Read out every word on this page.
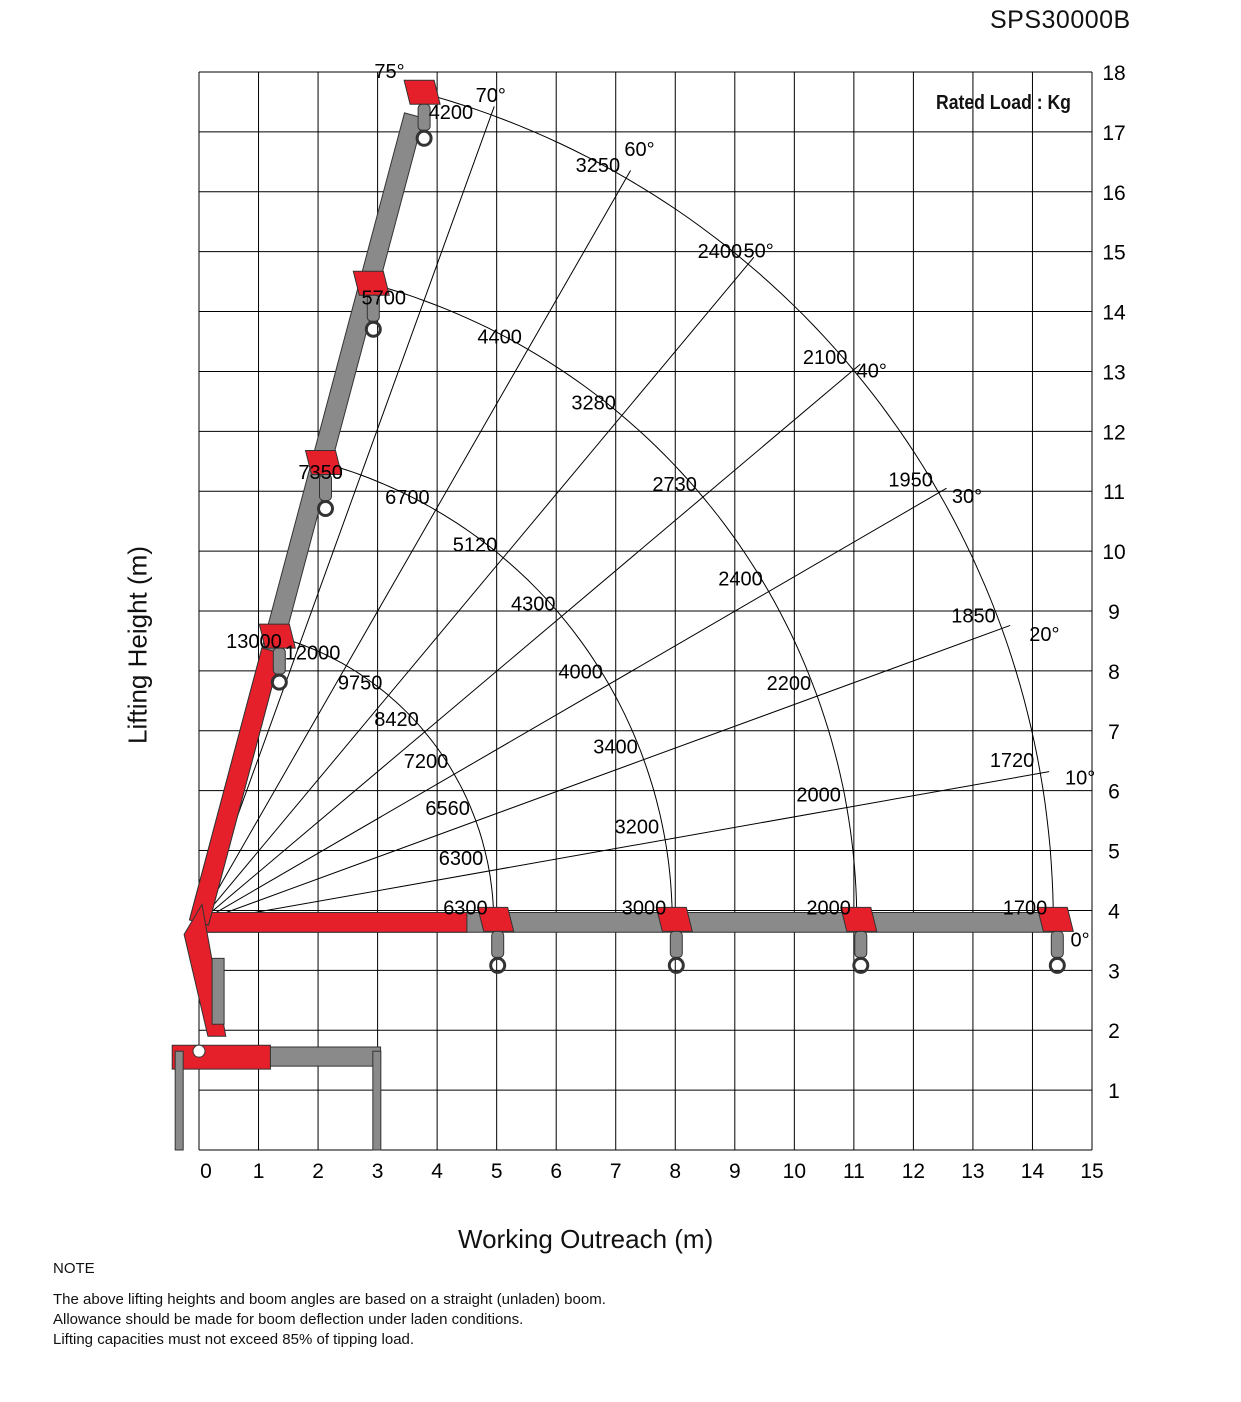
0 1 2 3 4 5 6 7 8 9 10 11 12 13 14 15
1
2
3
4
5
6
7
8
9
10
11
12
13
14
15
16
17
18
0°
10°
20°
30°
40°
50°
60°
70°
75°
6300
6300
6560
7200
8420
9750
12000
13000
3000
3200
3400
4000
4300
5120
6700
7350
2000
2000
2200
2400
2730
3280
4400
5700
1700
1720
1850
1950
2100
2400
3250
4200
SPS30000B
Rated Load : Kg
Working Outreach (m)
Lifting Height (m)
NOTE
The above lifting heights and boom angles are based on a straight (unladen) boom.
Allowance should be made for boom deflection under laden conditions.
Lifting capacities must not exceed 85% of tipping load.
